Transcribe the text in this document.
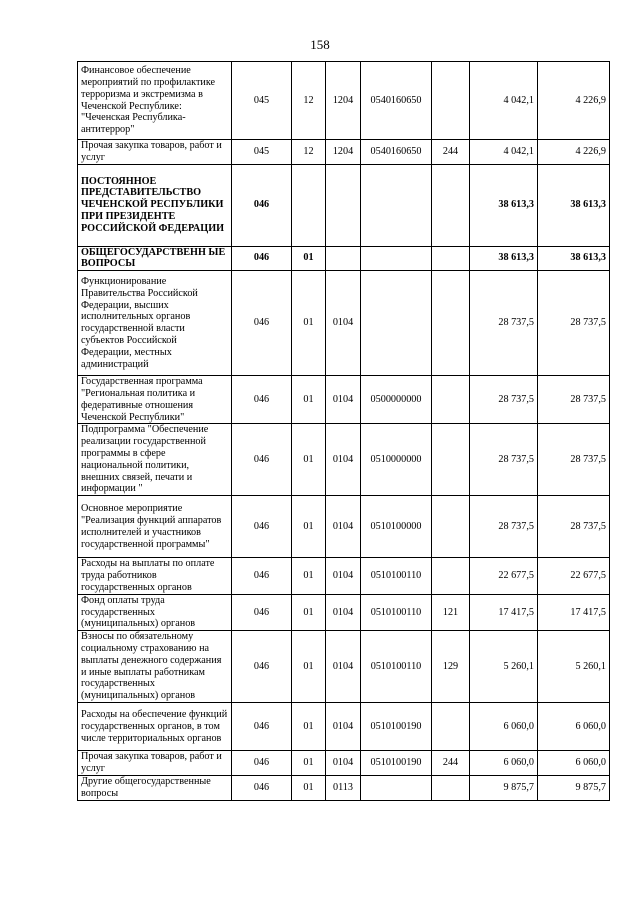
158
Финансовое обеспечение мероприятий по профилактике терроризма и экстремизма в Чеченской Республике: "Чеченская Республика-антитеррор"	045	12	1204	0540160650		4 042,1	4 226,9
Прочая закупка товаров, работ и услуг	045	12	1204	0540160650	244	4 042,1	4 226,9
ПОСТОЯННОЕ ПРЕДСТАВИТЕЛЬСТВО ЧЕЧЕНСКОЙ РЕСПУБЛИКИ ПРИ ПРЕЗИДЕНТЕ РОССИЙСКОЙ ФЕДЕРАЦИИ	046					38 613,3	38 613,3
ОБЩЕГОСУДАРСТВЕНН ЫЕ ВОПРОСЫ	046	01				38 613,3	38 613,3
Функционирование Правительства Российской Федерации, высших исполнительных органов государственной власти субъектов Российской Федерации, местных администраций	046	01	0104			28 737,5	28 737,5
Государственная программа "Региональная политика и федеративные отношения Чеченской Республики"	046	01	0104	0500000000		28 737,5	28 737,5
Подпрограмма "Обеспечение реализации государственной программы в сфере национальной политики, внешних связей, печати и информации "	046	01	0104	0510000000		28 737,5	28 737,5
Основное мероприятие "Реализация функций аппаратов исполнителей и участников государственной программы"	046	01	0104	0510100000		28 737,5	28 737,5
Расходы на выплаты по оплате труда работников государственных органов	046	01	0104	0510100110		22 677,5	22 677,5
Фонд оплаты труда государственных (муниципальных) органов	046	01	0104	0510100110	121	17 417,5	17 417,5
Взносы по обязательному социальному страхованию на выплаты денежного содержания и иные выплаты работникам государственных (муниципальных) органов	046	01	0104	0510100110	129	5 260,1	5 260,1
Расходы на обеспечение функций государственных органов, в том числе территориальных органов	046	01	0104	0510100190		6 060,0	6 060,0
Прочая закупка товаров, работ и услуг	046	01	0104	0510100190	244	6 060,0	6 060,0
Другие общегосударственные вопросы	046	01	0113			9 875,7	9 875,7
